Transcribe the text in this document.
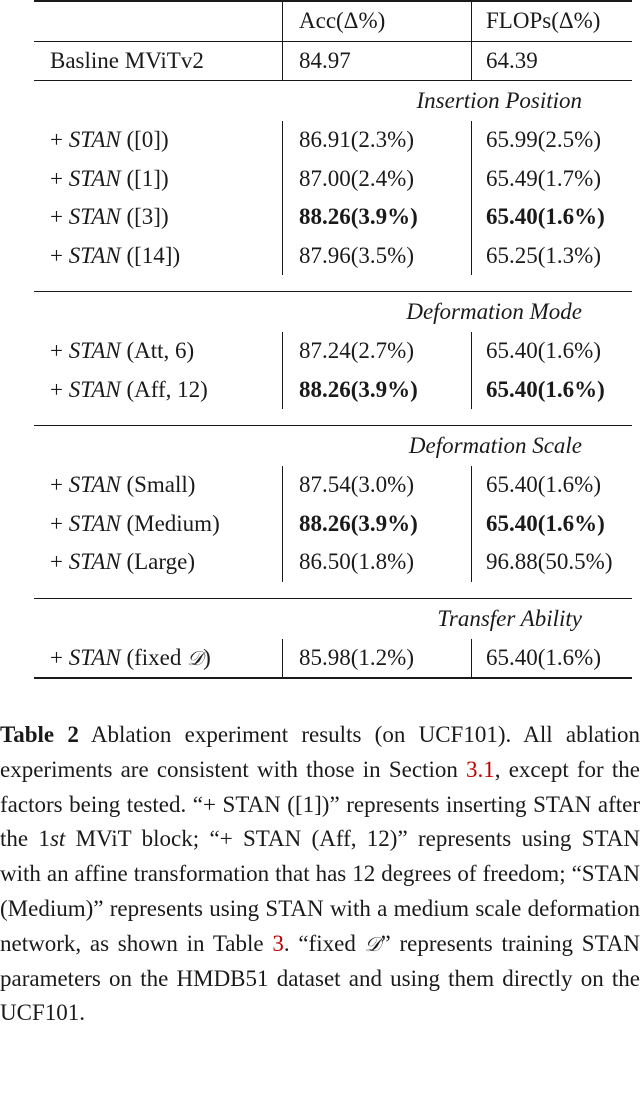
	Acc(Δ%)	FLOPs(Δ%)
Basline MViTv2	84.97	64.39
Insertion Position		
+ STAN ([0])	86.91(2.3%)	65.99(2.5%)
+ STAN ([1])	87.00(2.4%)	65.49(1.7%)
+ STAN ([3])	88.26(3.9%)	65.40(1.6%)
+ STAN ([14])	87.96(3.5%)	65.25(1.3%)

Deformation Mode		
+ STAN (Att, 6)	87.24(2.7%)	65.40(1.6%)
+ STAN (Aff, 12)	88.26(3.9%)	65.40(1.6%)

Deformation Scale		
+ STAN (Small)	87.54(3.0%)	65.40(1.6%)
+ STAN (Medium)	88.26(3.9%)	65.40(1.6%)
+ STAN (Large)	86.50(1.8%)	96.88(50.5%)

Transfer Ability		
+ STAN (fixed 𝒟)	85.98(1.2%)	65.40(1.6%)
Table 2 Ablation experiment results (on UCF101). All ablation experiments are consistent with those in Section 3.1, except for the factors being tested. “+ STAN ([1])” represents inserting STAN after the 1st MViT block; “+ STAN (Aff, 12)” represents using STAN with an affine transformation that has 12 degrees of freedom; “STAN (Medium)” represents using STAN with a medium scale deformation network, as shown in Table 3. “fixed 𝒟” represents training STAN parameters on the HMDB51 dataset and using them directly on the UCF101.
